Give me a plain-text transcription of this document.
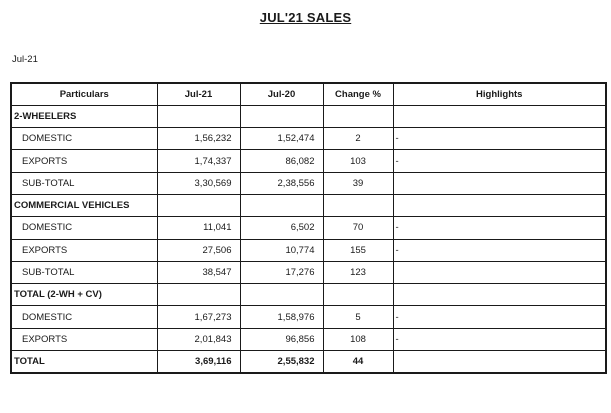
JUL'21 SALES
Jul-21
Particulars	Jul-21	Jul-20	Change %	Highlights
2-WHEELERS				
DOMESTIC	1,56,232	1,52,474	2	-
EXPORTS	1,74,337	86,082	103	-
SUB-TOTAL	3,30,569	2,38,556	39	
COMMERCIAL VEHICLES				
DOMESTIC	11,041	6,502	70	-
EXPORTS	27,506	10,774	155	-
SUB-TOTAL	38,547	17,276	123	
TOTAL (2-WH + CV)				
DOMESTIC	1,67,273	1,58,976	5	-
EXPORTS	2,01,843	96,856	108	-
TOTAL	3,69,116	2,55,832	44	
